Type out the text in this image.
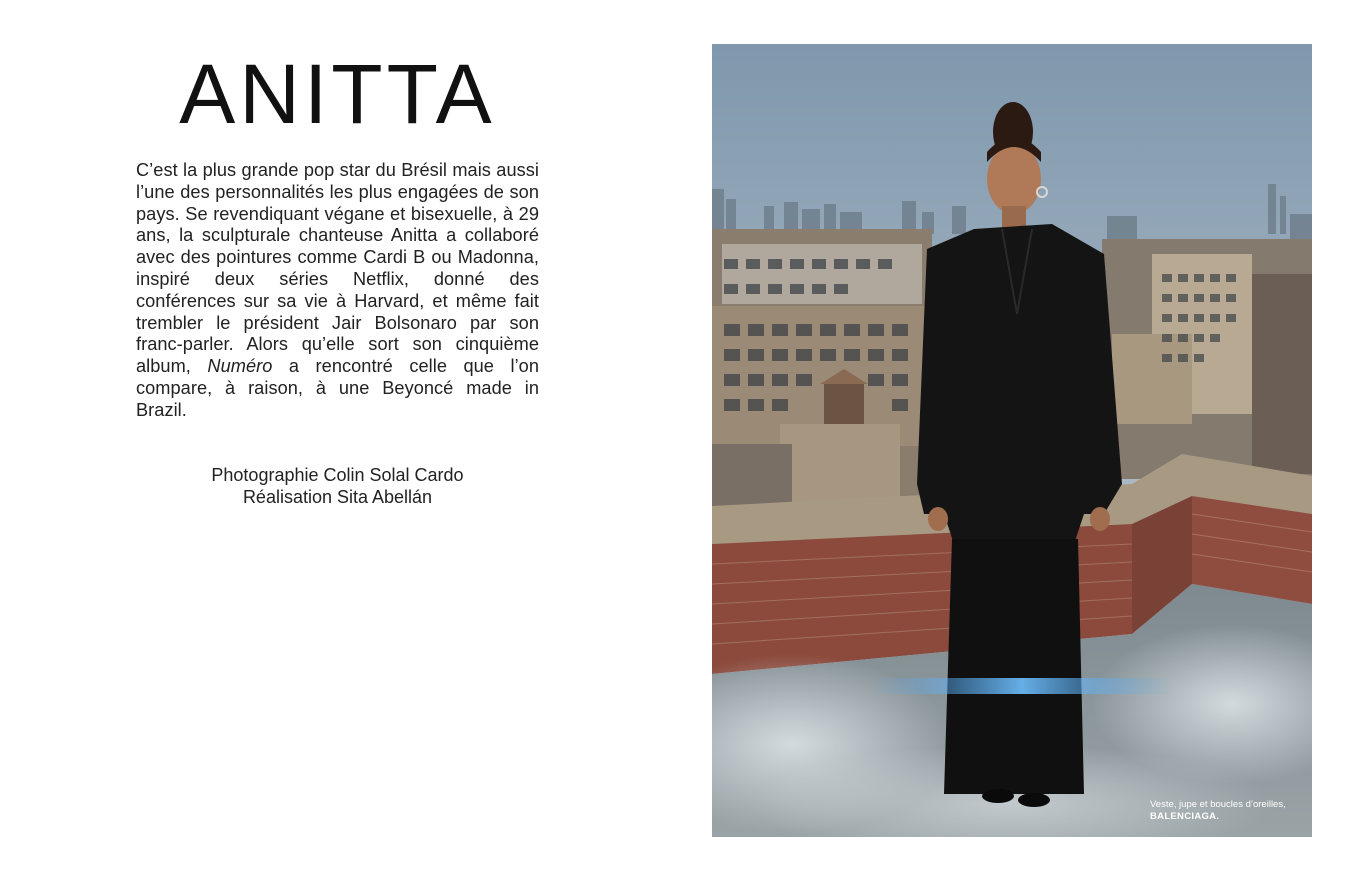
ANITTA

C’est la plus grande pop star du Brésil mais aussi l’une des personnalités les plus engagées de son pays. Se revendiquant végane et bisexuelle, à 29 ans, la sculpturale chanteuse Anitta a collaboré avec des pointures comme Cardi B ou Madonna, inspiré deux séries Netflix, donné des conférences sur sa vie à Harvard, et même fait trembler le président Jair Bolsonaro par son franc-parler. Alors qu’elle sort son cinquième album, Numéro a rencontré celle que l’on compare, à raison, à une Beyoncé made in Brazil.

Photographie Colin Solal Cardo
Réalisation Sita Abellán
Veste, jupe et boucles d’oreilles,
BALENCIAGA.
